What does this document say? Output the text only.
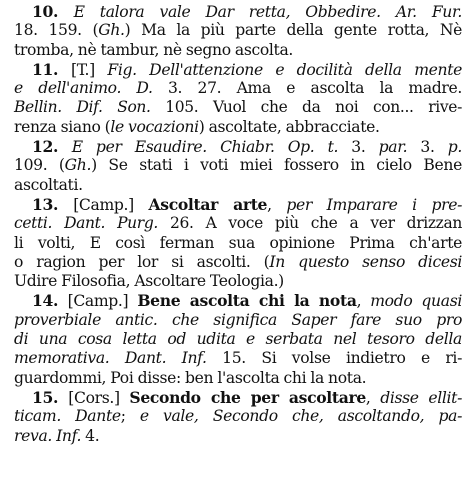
10. E talora vale Dar retta, Obbedire. Ar. Fur.
18. 159. (Gh.) Ma la più parte della gente rotta, Nè
tromba, nè tambur, nè segno ascolta.
11. [T.] Fig. Dell'attenzione e docilità della mente
e dell'animo. D. 3. 27. Ama e ascolta la madre.
Bellin. Dif. Son. 105. Vuol che da noi con... rive-
renza siano (le vocazioni) ascoltate, abbracciate.
12. E per Esaudire. Chiabr. Op. t. 3. par. 3. p.
109. (Gh.) Se stati i voti miei fossero in cielo Bene
ascoltati.
13. [Camp.] Ascoltar arte, per Imparare i pre-
cetti. Dant. Purg. 26. A voce più che a ver drizzan
li volti, E così ferman sua opinione Prima ch'arte
o ragion per lor si ascolti. (In questo senso dicesi
Udire Filosofia, Ascoltare Teologia.)
14. [Camp.] Bene ascolta chi la nota, modo quasi
proverbiale antic. che significa Saper fare suo pro
di una cosa letta od udita e serbata nel tesoro della
memorativa. Dant. Inf. 15. Si volse indietro e ri-
guardommi, Poi disse: ben l'ascolta chi la nota.
15. [Cors.] Secondo che per ascoltare, disse ellit-
ticam. Dante; e vale, Secondo che, ascoltando, pa-
reva. Inf. 4.
